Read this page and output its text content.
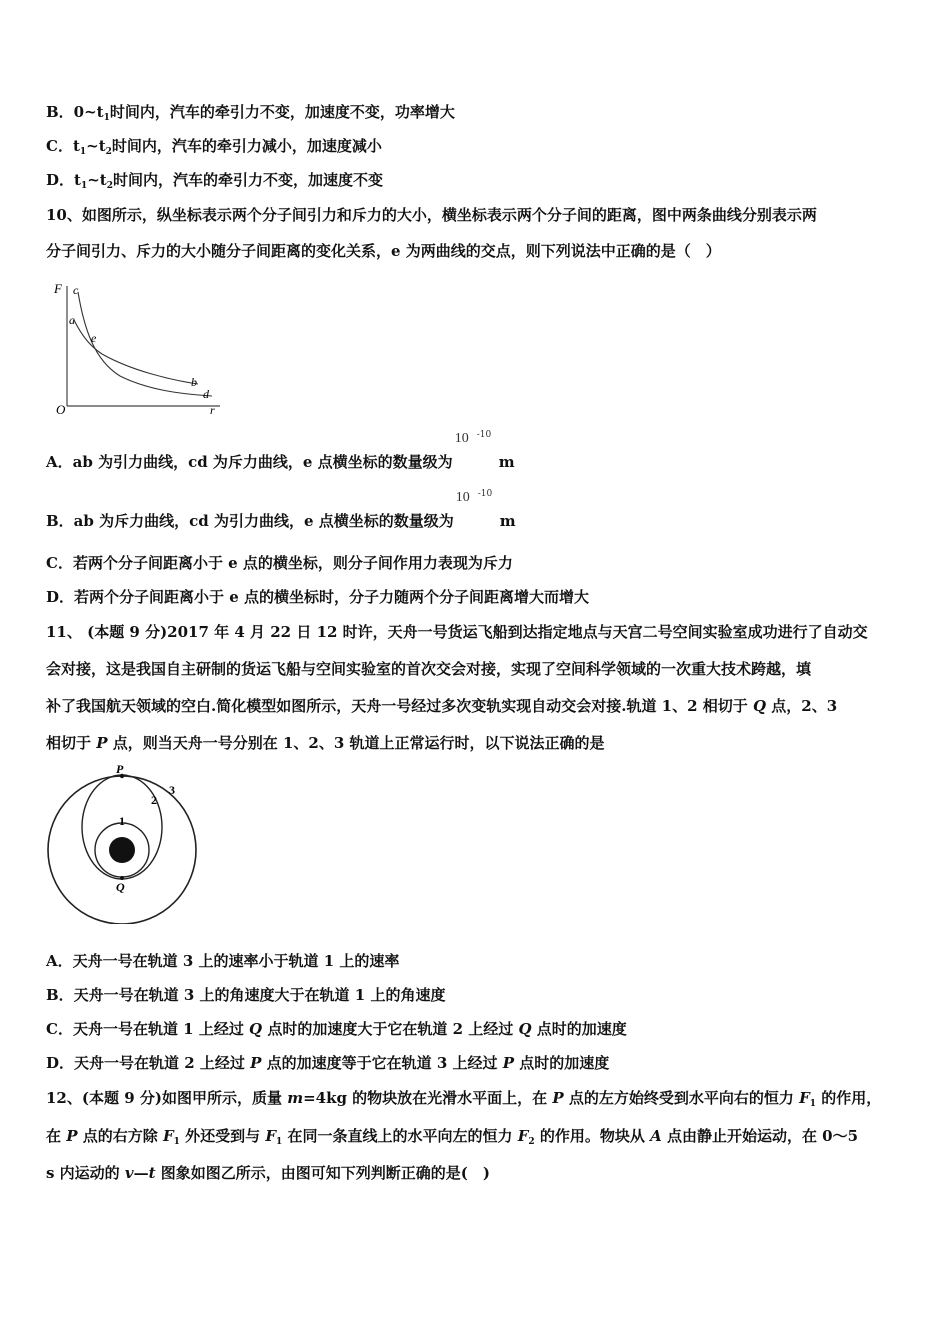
B．$0\sim t_1$时间内，汽车的牵引力不变，加速度不变，功率增大
C．$t_1\sim t_2$时间内，汽车的牵引力减小，加速度减小
D．$t_1\sim t_2$时间内，汽车的牵引力不变，加速度不变
10、如图所示，纵坐标表示两个分子间引力和斥力的大小，横坐标表示两个分子间的距离，图中两条曲线分别表示两
分子间引力、斥力的大小随分子间距离的变化关系，e 为两曲线的交点，则下列说法中正确的是（　）
F
r
O
c
a
e
b
d
A．ab 为引力曲线，cd 为斥力曲线，e 点横坐标的数量级为
10 -10
m
B．ab 为斥力曲线，cd 为引力曲线，e 点横坐标的数量级为
10 -10
m
C．若两个分子间距离小于 e 点的横坐标，则分子间作用力表现为斥力
D．若两个分子间距离小于 e 点的横坐标时，分子力随两个分子间距离增大而增大
11、 (本题 9 分)2017 年 4 月 22 日 12 时许，天舟一号货运飞船到达指定地点与天宫二号空间实验室成功进行了自动交
会对接，这是我国自主研制的货运飞船与空间实验室的首次交会对接，实现了空间科学领域的一次重大技术跨越，填
补了我国航天领域的空白.简化模型如图所示，天舟一号经过多次变轨实现自动交会对接.轨道 1、2 相切于 Q 点，2、3
相切于 P 点，则当天舟一号分别在 1、2、3 轨道上正常运行时，以下说法正确的是
P
2
3
1
Q
A．天舟一号在轨道 3 上的速率小于轨道 1 上的速率
B．天舟一号在轨道 3 上的角速度大于在轨道 1 上的角速度
C．天舟一号在轨道 1 上经过 Q 点时的加速度大于它在轨道 2 上经过 Q 点时的加速度
D．天舟一号在轨道 2 上经过 P 点的加速度等于它在轨道 3 上经过 P 点时的加速度
12、(本题 9 分)如图甲所示，质量 m=4kg 的物块放在光滑水平面上，在 P 点的左方始终受到水平向右的恒力 $F_1$ 的作用，
在 P 点的右方除 $F_1$ 外还受到与 $F_1$ 在同一条直线上的水平向左的恒力 $F_2$ 的作用。物块从 A 点由静止开始运动，在 0～5
s 内运动的 v—t 图象如图乙所示，由图可知下列判断正确的是(　)
